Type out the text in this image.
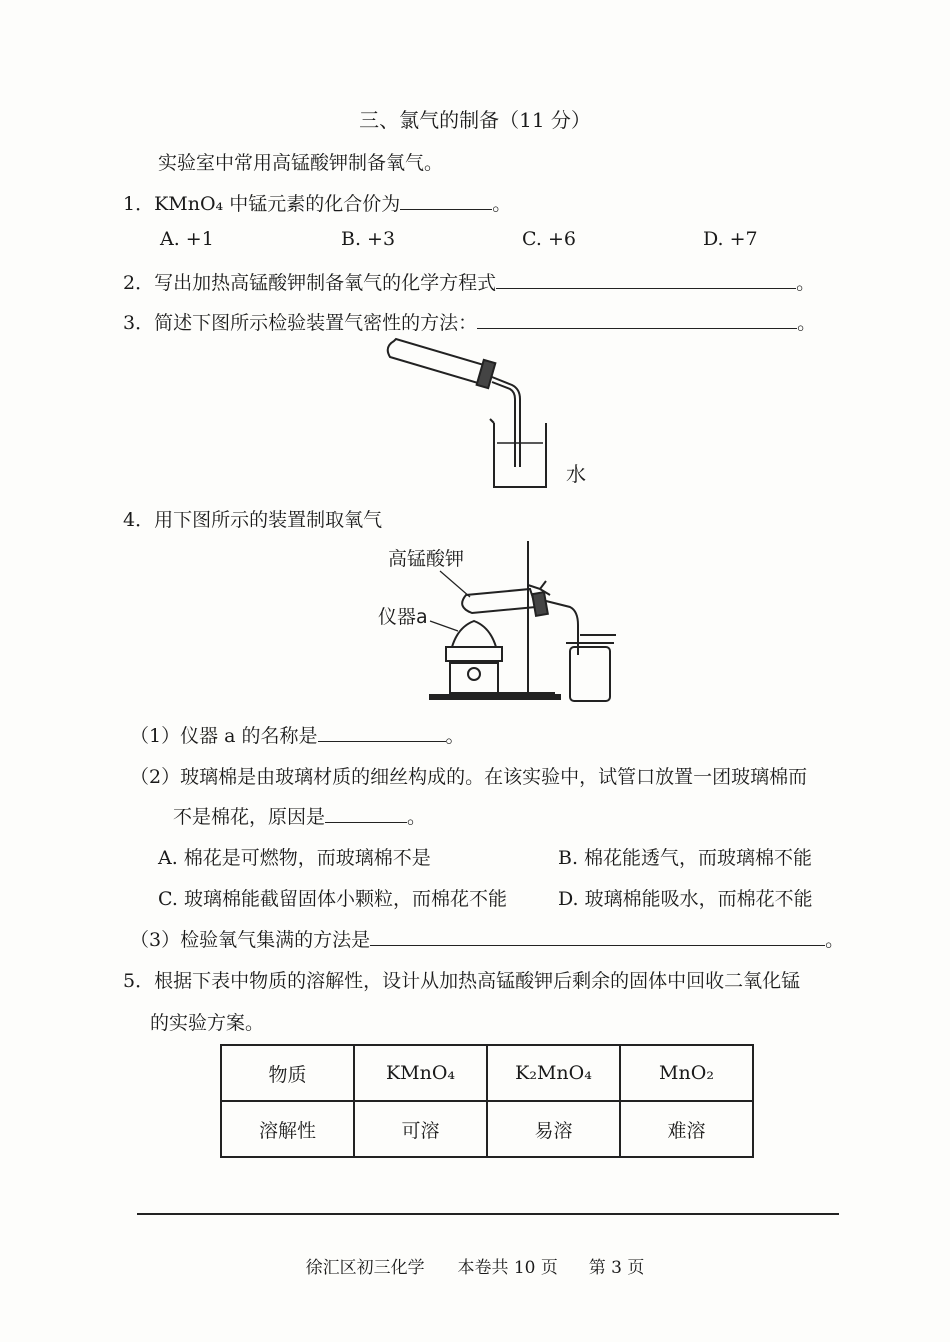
三、氯气的制备（11 分）
实验室中常用高锰酸钾制备氧气。
1．KMnO₄ 中锰元素的化合价为	。
A. +1	B. +3	C. +6	D. +7
2．写出加热高锰酸钾制备氧气的化学方程式	。
3．简述下图所示检验装置气密性的方法：	。
水
4．用下图所示的装置制取氧气
高锰酸钾
仪器a
（1）仪器 a 的名称是	。
（2）玻璃棉是由玻璃材质的细丝构成的。在该实验中，试管口放置一团玻璃棉而
不是棉花，原因是	。
A. 棉花是可燃物，而玻璃棉不是	B. 棉花能透气，而玻璃棉不能
C. 玻璃棉能截留固体小颗粒，而棉花不能	D. 玻璃棉能吸水，而棉花不能
（3）检验氧气集满的方法是	。
5．根据下表中物质的溶解性，设计从加热高锰酸钾后剩余的固体中回收二氧化锰
的实验方案。
物质	KMnO₄	K₂MnO₄	MnO₂
溶解性	可溶	易溶	难溶
徐汇区初三化学 本卷共 10 页 第 3 页
